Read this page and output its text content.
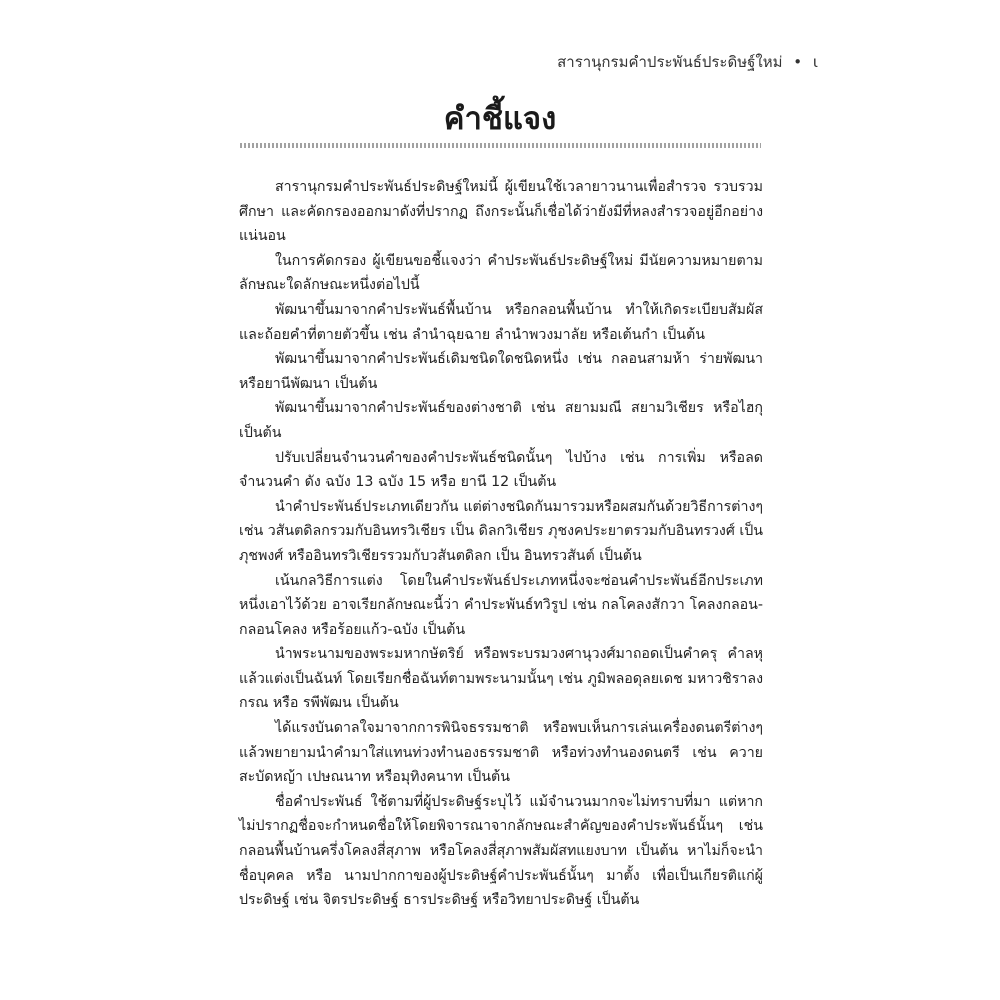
สารานุกรมคำประพันธ์ประดิษฐ์ใหม่ • ι
คำชี้แจง

สารานุกรมคำประพันธ์ประดิษฐ์ใหม่นี้ ผู้เขียนใช้เวลายาวนานเพื่อสำรวจ รวบรวม ศึกษา และคัดกรองออกมาดังที่ปรากฏ ถึงกระนั้นก็เชื่อได้ว่ายังมีที่หลงสำรวจอยู่อีกอย่างแน่นอน

ในการคัดกรอง ผู้เขียนขอชี้แจงว่า คำประพันธ์ประดิษฐ์ใหม่ มีนัยความหมายตามลักษณะใดลักษณะหนึ่งต่อไปนี้

พัฒนาขึ้นมาจากคำประพันธ์พื้นบ้าน หรือกลอนพื้นบ้าน ทำให้เกิดระเบียบสัมผัส และถ้อยคำที่ตายตัวขึ้น เช่น ลำนำฉุยฉาย ลำนำพวงมาลัย หรือเต้นกำ เป็นต้น

พัฒนาขึ้นมาจากคำประพันธ์เดิมชนิดใดชนิดหนึ่ง เช่น กลอนสามห้า ร่ายพัฒนา หรือยานีพัฒนา เป็นต้น

พัฒนาขึ้นมาจากคำประพันธ์ของต่างชาติ เช่น สยามมณี สยามวิเชียร หรือไฮกุ เป็นต้น

ปรับเปลี่ยนจำนวนคำของคำประพันธ์ชนิดนั้นๆ ไปบ้าง เช่น การเพิ่ม หรือลดจำนวนคำ ดัง ฉบัง 13 ฉบัง 15 หรือ ยานี 12 เป็นต้น

นำคำประพันธ์ประเภทเดียวกัน แต่ต่างชนิดกันมารวมหรือผสมกันด้วยวิธีการต่างๆ เช่น วสันตดิลกรวมกับอินทรวิเชียร เป็น ดิลกวิเชียร ภุชงคประยาตรวมกับอินทรวงศ์ เป็น ภุชพงศ์ หรืออินทรวิเชียรรวมกับวสันตดิลก เป็น อินทรวสันต์ เป็นต้น

เน้นกลวิธีการแต่ง โดยในคำประพันธ์ประเภทหนึ่งจะซ่อนคำประพันธ์อีกประเภทหนึ่งเอาไว้ด้วย อาจเรียกลักษณะนี้ว่า คำประพันธ์ทวิรูป เช่น กลโคลงสักวา โคลงกลอน-กลอนโคลง หรือร้อยแก้ว-ฉบัง เป็นต้น

นำพระนามของพระมหากษัตริย์ หรือพระบรมวงศานุวงศ์มาถอดเป็นคำครุ คำลหุ แล้วแต่งเป็นฉันท์ โดยเรียกชื่อฉันท์ตามพระนามนั้นๆ เช่น ภูมิพลอดุลยเดช มหาวชิราลงกรณ หรือ รพีพัฒน เป็นต้น

ได้แรงบันดาลใจมาจากการพินิจธรรมชาติ หรือพบเห็นการเล่นเครื่องดนตรีต่างๆ แล้วพยายามนำคำมาใส่แทนท่วงทำนองธรรมชาติ หรือท่วงทำนองดนตรี เช่น ควายสะบัดหญ้า เปษณนาท หรือมุทิงคนาท เป็นต้น

ชื่อคำประพันธ์ ใช้ตามที่ผู้ประดิษฐ์ระบุไว้ แม้จำนวนมากจะไม่ทราบที่มา แต่หากไม่ปรากฏชื่อจะกำหนดชื่อให้โดยพิจารณาจากลักษณะสำคัญของคำประพันธ์นั้นๆ เช่น กลอนพื้นบ้านครึ่งโคลงสี่สุภาพ หรือโคลงสี่สุภาพสัมผัสทแยงบาท เป็นต้น หาไม่ก็จะนำชื่อบุคคล หรือ นามปากกาของผู้ประดิษฐ์คำประพันธ์นั้นๆ มาตั้ง เพื่อเป็นเกียรติแก่ผู้ประดิษฐ์ เช่น จิตรประดิษฐ์ ธารประดิษฐ์ หรือวิทยาประดิษฐ์ เป็นต้น
